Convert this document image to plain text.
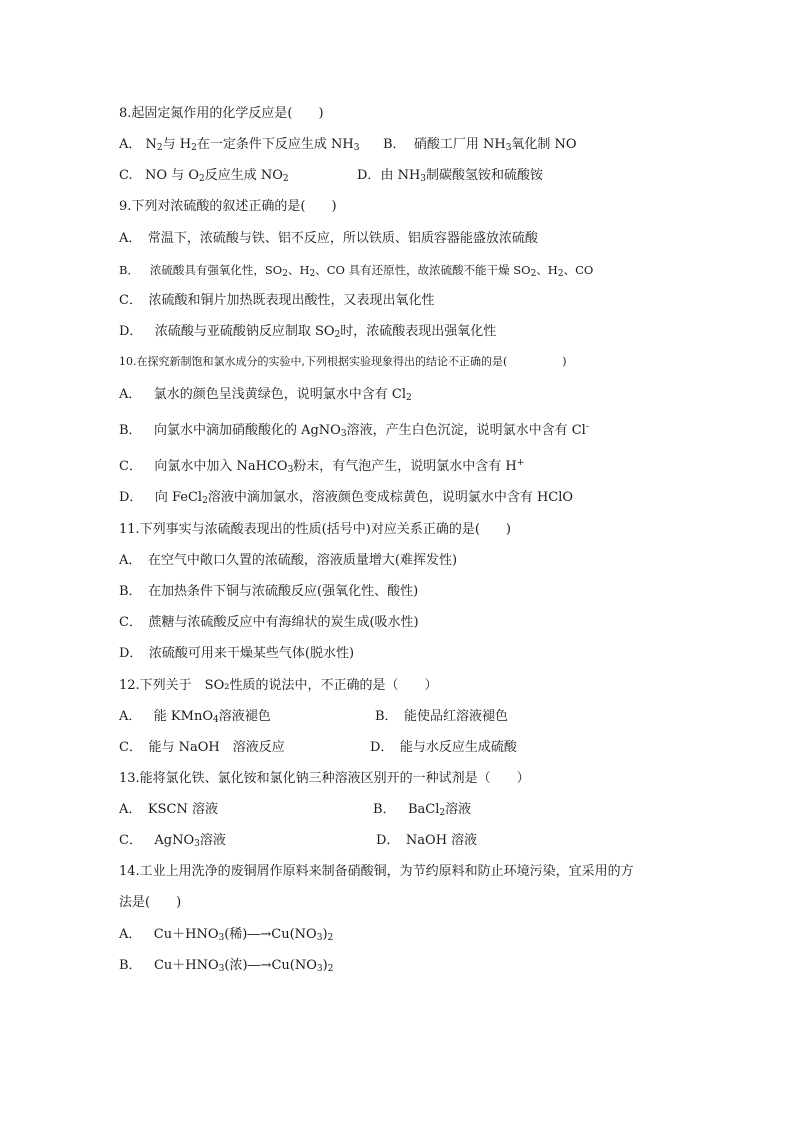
8.起固定氮作用的化学反应是(　　)
A． $N_2$与 $H_2$在一定条件下反应生成 $NH_3$ B． 硝酸工厂用 $NH_3$氧化制 NO
C. NO 与 $O_2$反应生成 $NO_2$	D．由 $NH_3$制碳酸氢铵和硫酸铵
9.下列对浓硫酸的叙述正确的是(　　)
A．　常温下，浓硫酸与铁、铝不反应，所以铁质、铝质容器能盛放浓硫酸
B． 浓硫酸具有强氧化性，$SO_2$、$H_2$、CO 具有还原性，故浓硫酸不能干燥 $SO_2$、$H_2$、CO
C．　浓硫酸和铜片加热既表现出酸性，又表现出氧化性
D． 浓硫酸与亚硫酸钠反应制取 $SO_2$时，浓硫酸表现出强氧化性
10.在探究新制饱和氯水成分的实验中,下列根据实验现象得出的结论不正确的是(　　　　　)
A． 氯水的颜色呈浅黄绿色，说明氯水中含有 $Cl_2$
B． 向氯水中滴加硝酸酸化的 AgNO$_3$溶液，产生白色沉淀，说明氯水中含有 Cl-
C． 向氯水中加入 NaHCO$_3$粉末，有气泡产生，说明氯水中含有 H+
D． 向 FeCl$_2$溶液中滴加氯水，溶液颜色变成棕黄色，说明氯水中含有 HClO
11.下列事实与浓硫酸表现出的性质(括号中)对应关系正确的是(　　)
A．　在空气中敞口久置的浓硫酸，溶液质量增大(难挥发性)
B．　在加热条件下铜与浓硫酸反应(强氧化性、酸性)
C．　蔗糖与浓硫酸反应中有海绵状的炭生成(吸水性)
D．　浓硫酸可用来干燥某些气体(脱水性)
12.下列关于　SO₂性质的说法中，不正确的是（　　）
A． 能 KMnO$_4$溶液褪色	B．　能使品红溶液褪色
C．　能与 NaOH　溶液反应	D．　能与水反应生成硫酸
13.能将氯化铁、氯化铵和氯化钠三种溶液区别开的一种试剂是（　　）
A．　KSCN 溶液	B． BaCl$_2$溶液
C． AgNO$_3$溶液	D．　NaOH 溶液
14.工业上用洗净的废铜屑作原料来制备硝酸铜，为节约原料和防止环境污染，宜采用的方
法是(　　)
A． $Cu+HNO_3$(稀)$―\to Cu(NO_3)_2$
B． $Cu+HNO_3$(浓)$―\to Cu(NO_3)_2$
